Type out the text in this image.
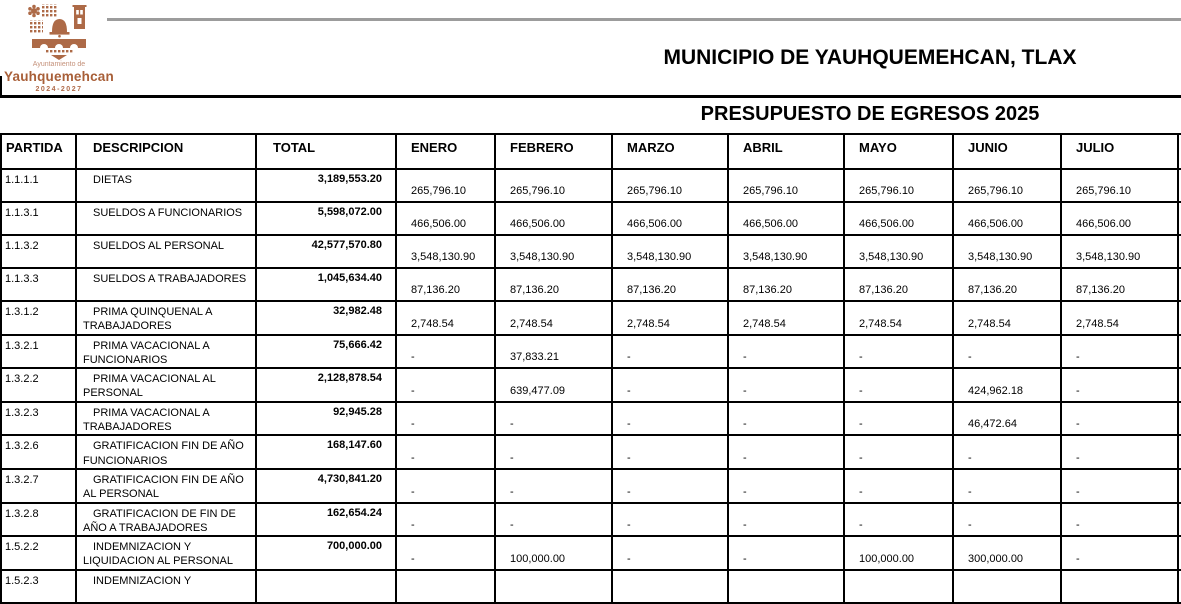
Ayuntamiento de
Yauhquemehcan
2024-2027
MUNICIPIO DE YAUHQUEMEHCAN, TLAX
PRESUPUESTO DE EGRESOS 2025
PARTIDA	DESCRIPCION	TOTAL	ENERO	FEBRERO	MARZO	ABRIL	MAYO	JUNIO	JULIO	
1.1.1.1	DIETAS	3,189,553.20	265,796.10	265,796.10	265,796.10	265,796.10	265,796.10	265,796.10	265,796.10	
1.1.3.1	SUELDOS A FUNCIONARIOS	5,598,072.00	466,506.00	466,506.00	466,506.00	466,506.00	466,506.00	466,506.00	466,506.00	
1.1.3.2	SUELDOS AL PERSONAL	42,577,570.80	3,548,130.90	3,548,130.90	3,548,130.90	3,548,130.90	3,548,130.90	3,548,130.90	3,548,130.90	
1.1.3.3	SUELDOS A TRABAJADORES	1,045,634.40	87,136.20	87,136.20	87,136.20	87,136.20	87,136.20	87,136.20	87,136.20	
1.3.1.2	PRIMA QUINQUENAL A TRABAJADORES	32,982.48	2,748.54	2,748.54	2,748.54	2,748.54	2,748.54	2,748.54	2,748.54	
1.3.2.1	PRIMA VACACIONAL A FUNCIONARIOS	75,666.42	-	37,833.21	-	-	-	-	-	
1.3.2.2	PRIMA VACACIONAL AL PERSONAL	2,128,878.54	-	639,477.09	-	-	-	424,962.18	-	
1.3.2.3	PRIMA VACACIONAL A TRABAJADORES	92,945.28	-	-	-	-	-	46,472.64	-	
1.3.2.6	GRATIFICACION FIN DE AÑO FUNCIONARIOS	168,147.60	-	-	-	-	-	-	-	
1.3.2.7	GRATIFICACION FIN DE AÑO AL PERSONAL	4,730,841.20	-	-	-	-	-	-	-	
1.3.2.8	GRATIFICACION DE FIN DE AÑO A TRABAJADORES	162,654.24	-	-	-	-	-	-	-	
1.5.2.2	INDEMNIZACION Y LIQUIDACION AL PERSONAL	700,000.00	-	100,000.00	-	-	100,000.00	300,000.00	-	
1.5.2.3	INDEMNIZACION Y									
